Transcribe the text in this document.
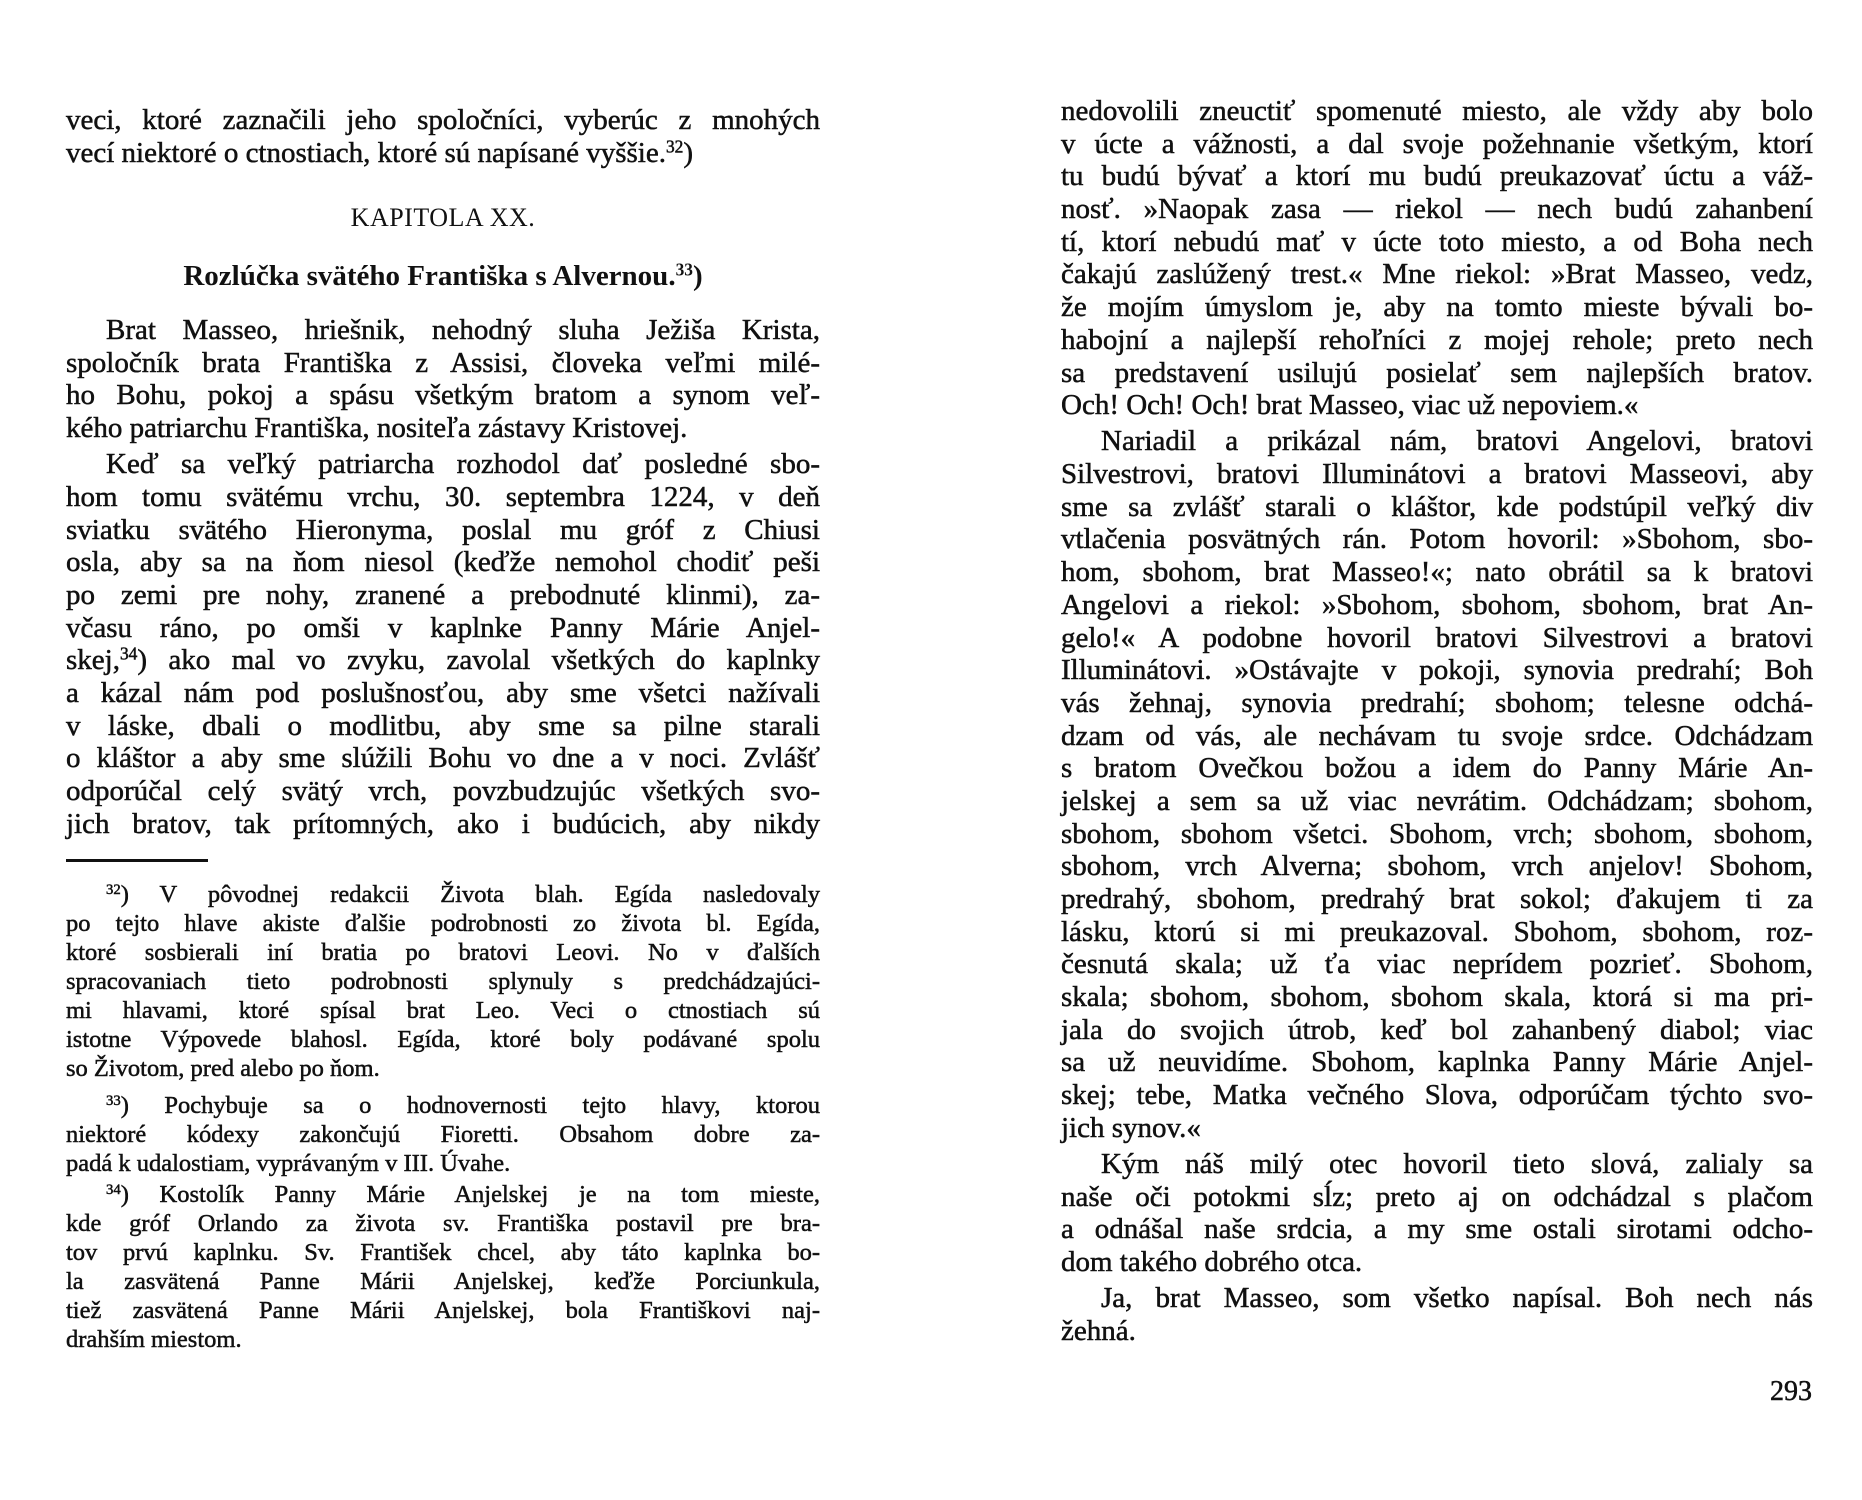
veci, ktoré zaznačili jeho spoločníci, vyberúc z mnohých
vecí niektoré o ctnostiach, ktoré sú napísané vyššie.$^{32}$)
KAPITOLA XX.
Rozlúčka svätého Františka s Alvernou.$^{33}$)
Brat Masseo, hriešnik, nehodný sluha Ježiša Krista,
spoločník brata Františka z Assisi, človeka veľmi milé-
ho Bohu, pokoj a spásu všetkým bratom a synom veľ-
kého patriarchu Františka, nositeľa zástavy Kristovej.
Keď sa veľký patriarcha rozhodol dať posledné sbo-
hom tomu svätému vrchu, 30. septembra 1224, v deň
sviatku svätého Hieronyma, poslal mu gróf z Chiusi
osla, aby sa na ňom niesol (keďže nemohol chodiť peši
po zemi pre nohy, zranené a prebodnuté klinmi), za-
včasu ráno, po omši v kaplnke Panny Márie Anjel-
skej,$^{34}$) ako mal vo zvyku, zavolal všetkých do kaplnky
a kázal nám pod poslušnosťou, aby sme všetci nažívali
v láske, dbali o modlitbu, aby sme sa pilne starali
o kláštor a aby sme slúžili Bohu vo dne a v noci. Zvlášť
odporúčal celý svätý vrch, povzbudzujúc všetkých svo-
jich bratov, tak prítomných, ako i budúcich, aby nikdy
$^{32}$) V pôvodnej redakcii Života blah. Egída nasledovaly
po tejto hlave akiste ďalšie podrobnosti zo života bl. Egída,
ktoré sosbierali iní bratia po bratovi Leovi. No v ďalších
spracovaniach tieto podrobnosti splynuly s predchádzajúci-
mi hlavami, ktoré spísal brat Leo. Veci o ctnostiach sú
istotne Výpovede blahosl. Egída, ktoré boly podávané spolu
so Životom, pred alebo po ňom.
$^{33}$) Pochybuje sa o hodnovernosti tejto hlavy, ktorou
niektoré kódexy zakončujú Fioretti. Obsahom dobre za-
padá k udalostiam, vyprávaným v III. Úvahe.
$^{34}$) Kostolík Panny Márie Anjelskej je na tom mieste,
kde gróf Orlando za života sv. Františka postavil pre bra-
tov prvú kaplnku. Sv. František chcel, aby táto kaplnka bo-
la zasvätená Panne Márii Anjelskej, keďže Porciunkula,
tiež zasvätená Panne Márii Anjelskej, bola Františkovi naj-
drahším miestom.
nedovolili zneuctiť spomenuté miesto, ale vždy aby bolo
v úcte a vážnosti, a dal svoje požehnanie všetkým, ktorí
tu budú bývať a ktorí mu budú preukazovať úctu a váž-
nosť. »Naopak zasa — riekol — nech budú zahanbení
tí, ktorí nebudú mať v úcte toto miesto, a od Boha nech
čakajú zaslúžený trest.« Mne riekol: »Brat Masseo, vedz,
že mojím úmyslom je, aby na tomto mieste bývali bo-
habojní a najlepší rehoľníci z mojej rehole; preto nech
sa predstavení usilujú posielať sem najlepších bratov.
Och! Och! Och! brat Masseo, viac už nepoviem.«
Nariadil a prikázal nám, bratovi Angelovi, bratovi
Silvestrovi, bratovi Illuminátovi a bratovi Masseovi, aby
sme sa zvlášť starali o kláštor, kde podstúpil veľký div
vtlačenia posvätných rán. Potom hovoril: »Sbohom, sbo-
hom, sbohom, brat Masseo!«; nato obrátil sa k bratovi
Angelovi a riekol: »Sbohom, sbohom, sbohom, brat An-
gelo!« A podobne hovoril bratovi Silvestrovi a bratovi
Illuminátovi. »Ostávajte v pokoji, synovia predrahí; Boh
vás žehnaj, synovia predrahí; sbohom; telesne odchá-
dzam od vás, ale nechávam tu svoje srdce. Odchádzam
s bratom Ovečkou božou a idem do Panny Márie An-
jelskej a sem sa už viac nevrátim. Odchádzam; sbohom,
sbohom, sbohom všetci. Sbohom, vrch; sbohom, sbohom,
sbohom, vrch Alverna; sbohom, vrch anjelov! Sbohom,
predrahý, sbohom, predrahý brat sokol; ďakujem ti za
lásku, ktorú si mi preukazoval. Sbohom, sbohom, roz-
česnutá skala; už ťa viac neprídem pozrieť. Sbohom,
skala; sbohom, sbohom, sbohom skala, ktorá si ma pri-
jala do svojich útrob, keď bol zahanbený diabol; viac
sa už neuvidíme. Sbohom, kaplnka Panny Márie Anjel-
skej; tebe, Matka večného Slova, odporúčam týchto svo-
jich synov.«
Kým náš milý otec hovoril tieto slová, zalialy sa
naše oči potokmi sĺz; preto aj on odchádzal s plačom
a odnášal naše srdcia, a my sme ostali sirotami odcho-
dom takého dobrého otca.
Ja, brat Masseo, som všetko napísal. Boh nech nás
žehná.
293
